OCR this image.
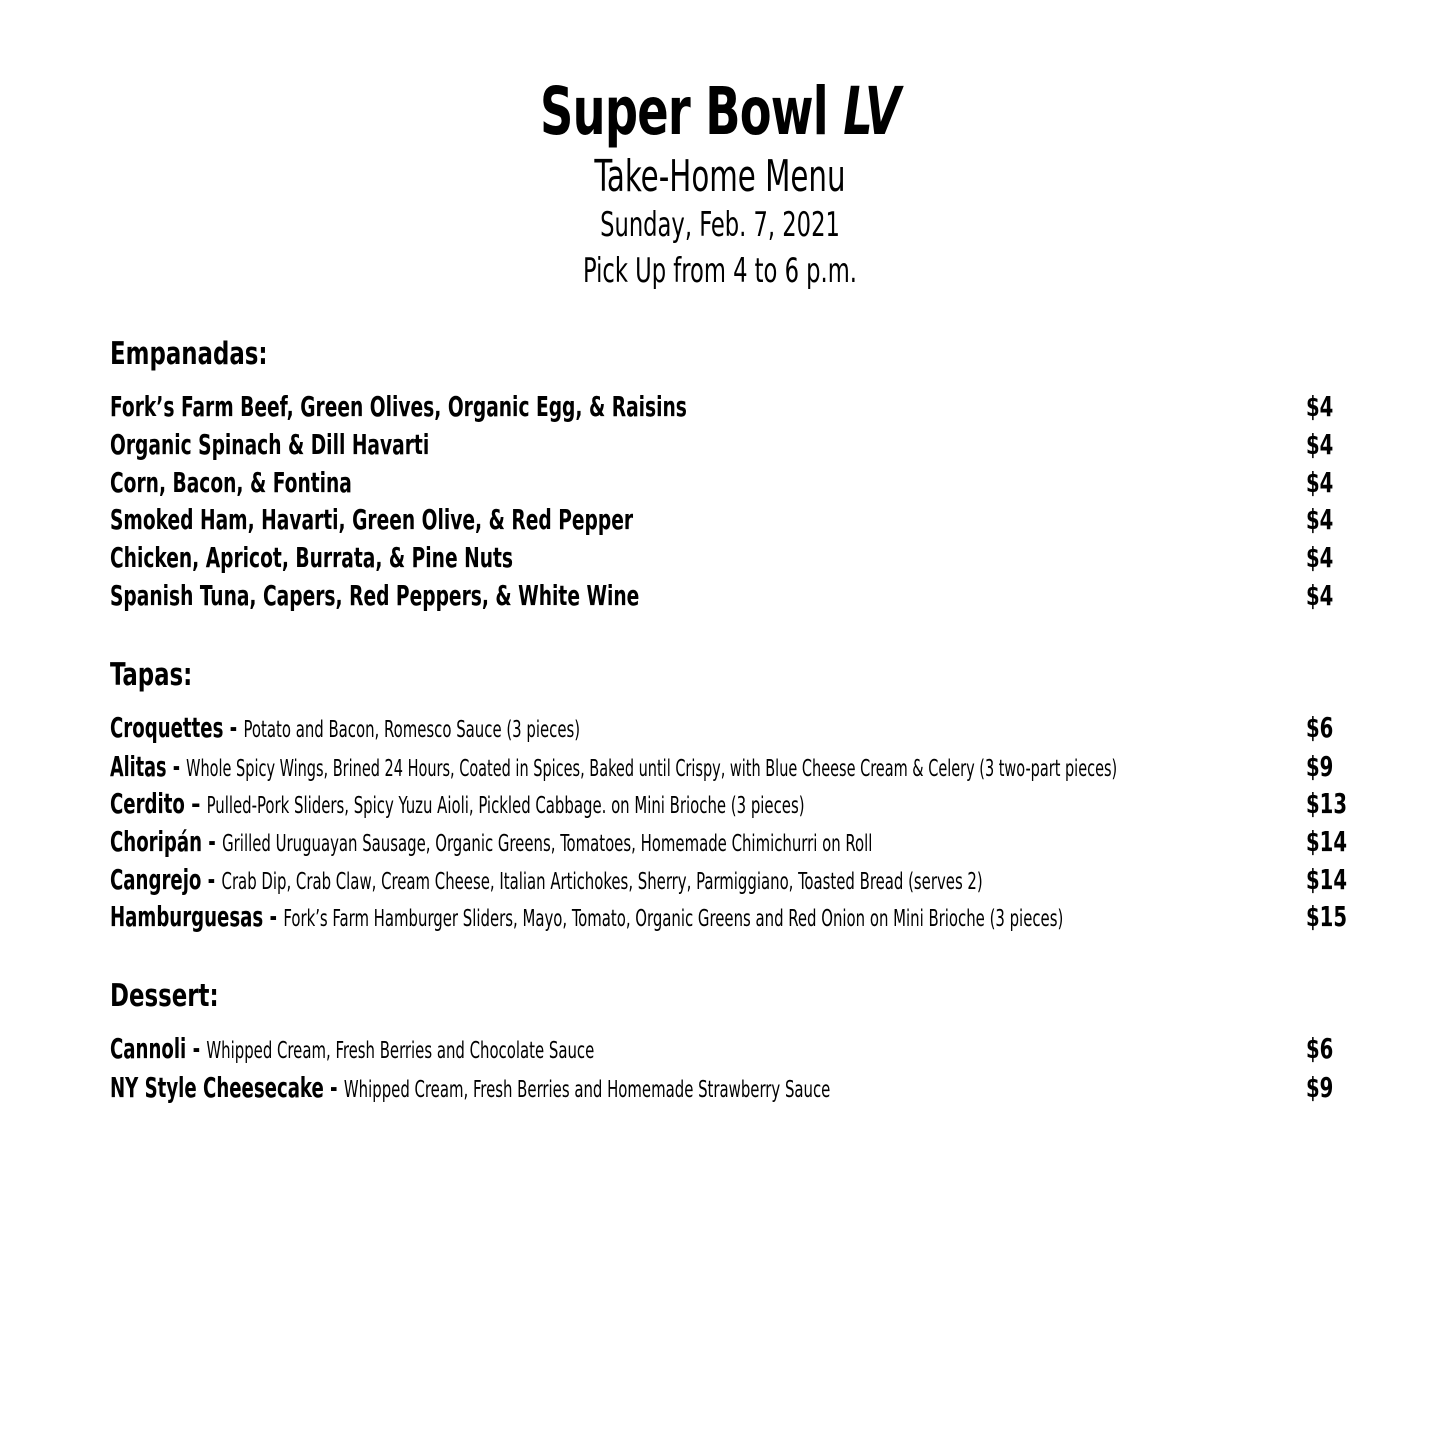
Super Bowl LV
Take-Home Menu
Sunday, Feb. 7, 2021
Pick Up from 4 to 6 p.m.
Empanadas:
Fork’s Farm Beef, Green Olives, Organic Egg, & Raisins	$4
Organic Spinach & Dill Havarti	$4
Corn, Bacon, & Fontina	$4
Smoked Ham, Havarti, Green Olive, & Red Pepper	$4
Chicken, Apricot, Burrata, & Pine Nuts	$4
Spanish Tuna, Capers, Red Peppers, & White Wine	$4
Tapas:
Croquettes - Potato and Bacon, Romesco Sauce (3 pieces)	$6
Alitas - Whole Spicy Wings, Brined 24 Hours, Coated in Spices, Baked until Crispy, with Blue Cheese Cream & Celery (3 two-part pieces)	$9
Cerdito – Pulled-Pork Sliders, Spicy Yuzu Aioli, Pickled Cabbage. on Mini Brioche (3 pieces)	$13
Choripán - Grilled Uruguayan Sausage, Organic Greens, Tomatoes, Homemade Chimichurri on Roll	$14
Cangrejo - Crab Dip, Crab Claw, Cream Cheese, Italian Artichokes, Sherry, Parmiggiano, Toasted Bread (serves 2)	$14
Hamburguesas - Fork’s Farm Hamburger Sliders, Mayo, Tomato, Organic Greens and Red Onion on Mini Brioche (3 pieces)	$15
Dessert:
Cannoli - Whipped Cream, Fresh Berries and Chocolate Sauce	$6
NY Style Cheesecake - Whipped Cream, Fresh Berries and Homemade Strawberry Sauce	$9
